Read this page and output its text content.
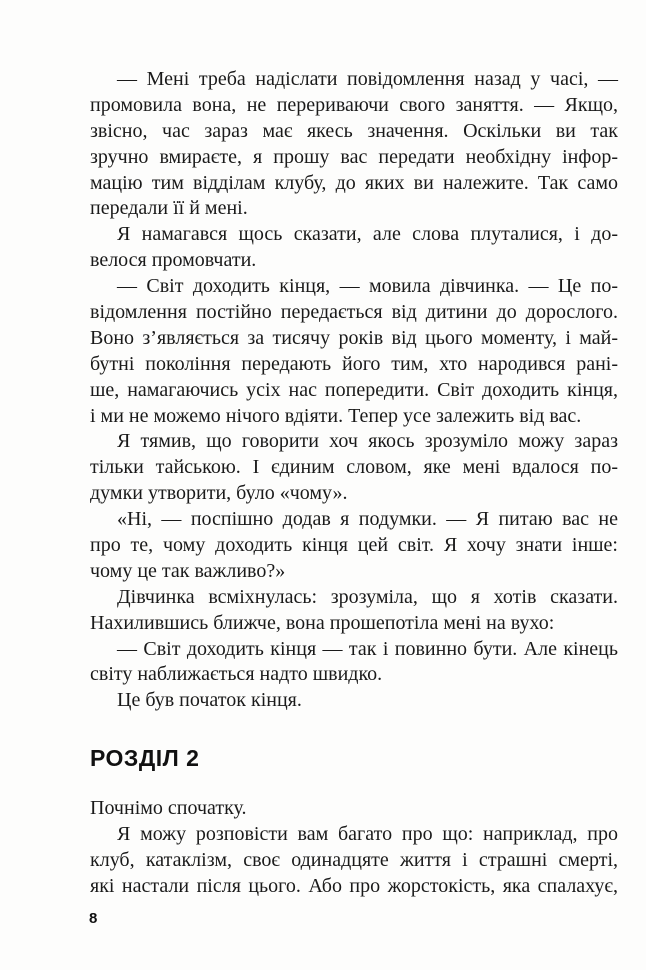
— Мені треба надіслати повідомлення назад у часі, —
промовила вона, не перериваючи свого заняття. — Якщо,
звісно, час зараз має якесь значення. Оскільки ви так
зручно вмираєте, я прошу вас передати необхідну інфор-
мацію тим відділам клубу, до яких ви належите. Так само
передали її й мені.
Я намагався щось сказати, але слова плуталися, і до-
велося промовчати.
— Світ доходить кінця, — мовила дівчинка. — Це по-
відомлення постійно передається від дитини до дорослого.
Воно з’являється за тисячу років від цього моменту, і май-
бутні покоління передають його тим, хто народився рані-
ше, намагаючись усіх нас попередити. Світ доходить кінця,
і ми не можемо нічого вдіяти. Тепер усе залежить від вас.
Я тямив, що говорити хоч якось зрозуміло можу зараз
тільки тайською. І єдиним словом, яке мені вдалося по-
думки утворити, було «чому».
«Ні, — поспішно додав я подумки. — Я питаю вас не
про те, чому доходить кінця цей світ. Я хочу знати інше:
чому це так важливо?»
Дівчинка всміхнулась: зрозуміла, що я хотів сказати.
Нахилившись ближче, вона прошепотіла мені на вухо:
— Світ доходить кінця — так і повинно бути. Але кінець
світу наближається надто швидко.
Це був початок кінця.
РОЗДІЛ 2
Почнімо спочатку.
Я можу розповісти вам багато про що: наприклад, про
клуб, катаклізм, своє одинадцяте життя і страшні смерті,
які настали після цього. Або про жорстокість, яка спалахує,
8
